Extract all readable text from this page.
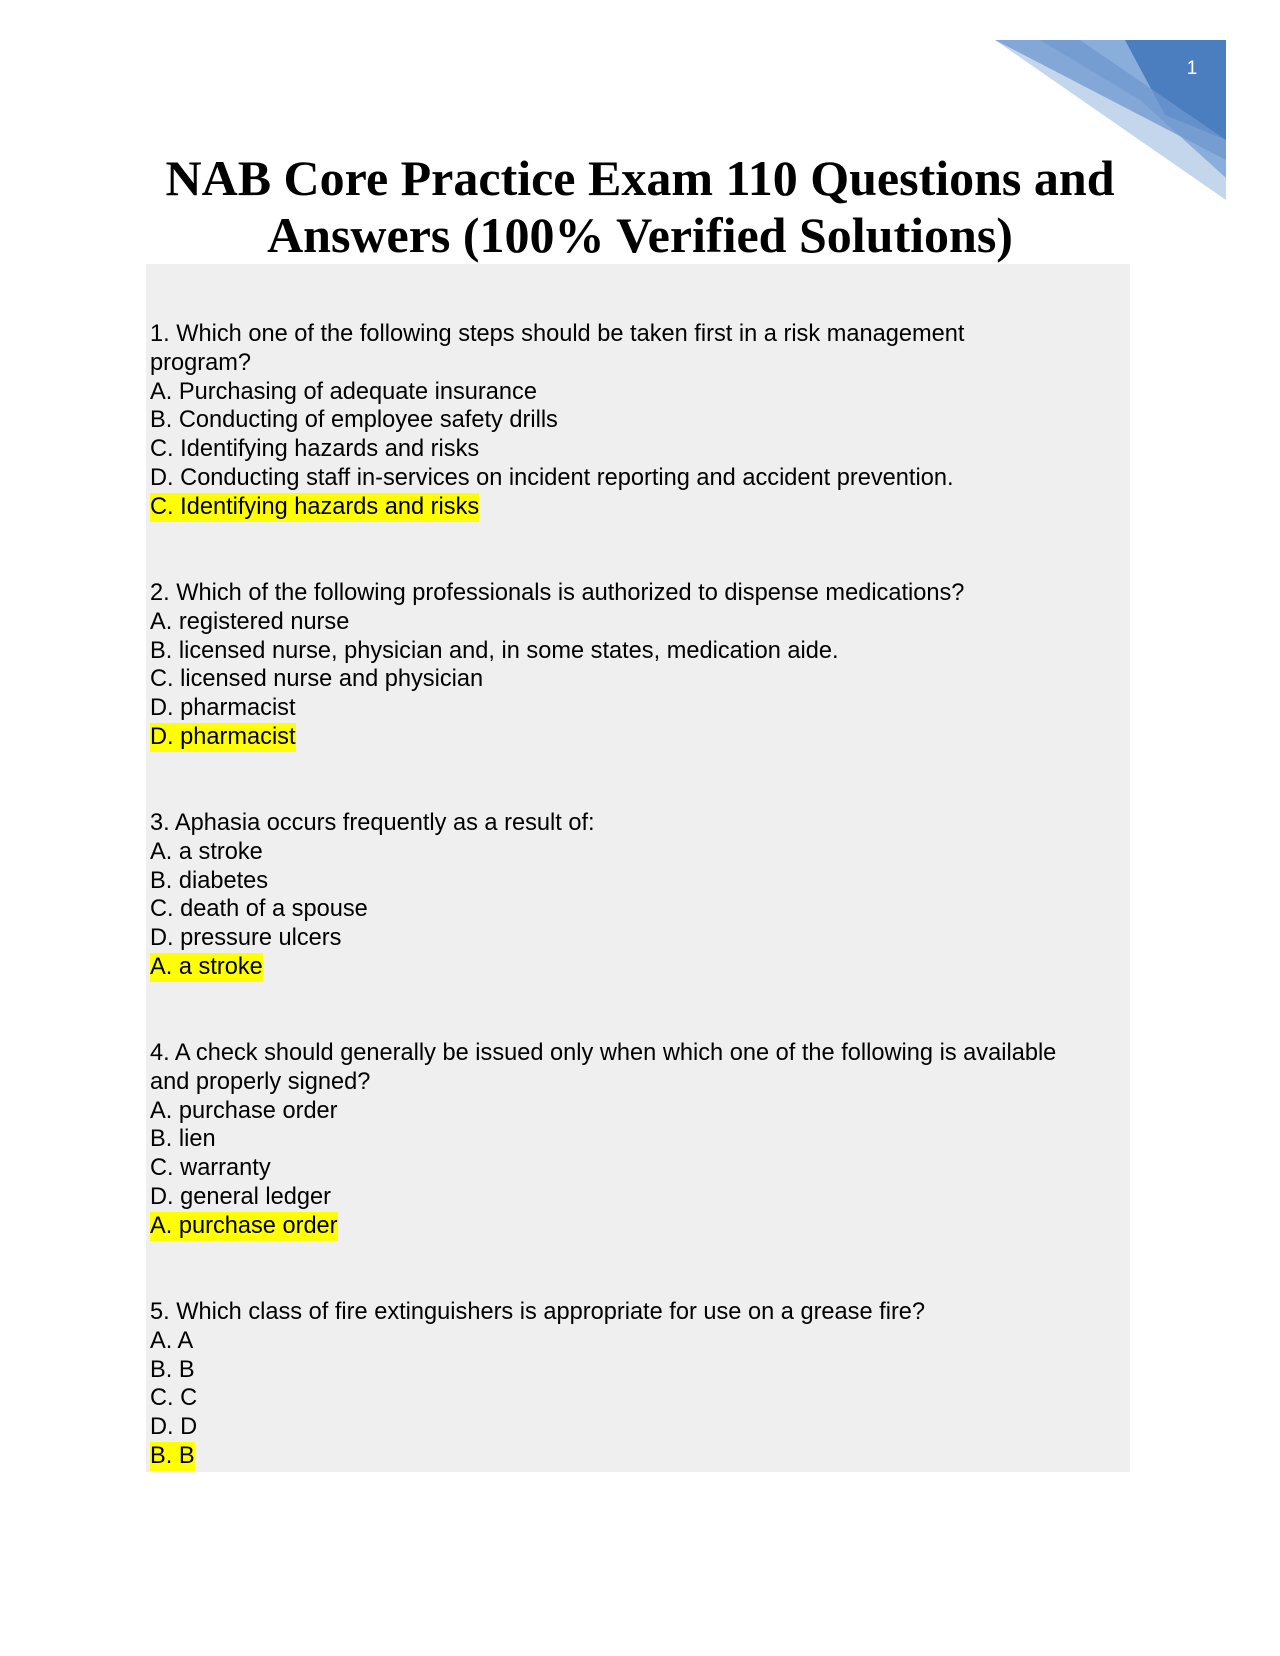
1
NAB Core Practice Exam 110 Questions and
Answers (100% Verified Solutions)
1. Which one of the following steps should be taken first in a risk management
program?
A. Purchasing of adequate insurance
B. Conducting of employee safety drills
C. Identifying hazards and risks
D. Conducting staff in-services on incident reporting and accident prevention.
C. Identifying hazards and risks
2. Which of the following professionals is authorized to dispense medications?
A. registered nurse
B. licensed nurse, physician and, in some states, medication aide.
C. licensed nurse and physician
D. pharmacist
D. pharmacist
3. Aphasia occurs frequently as a result of:
A. a stroke
B. diabetes
C. death of a spouse
D. pressure ulcers
A. a stroke
4. A check should generally be issued only when which one of the following is available
and properly signed?
A. purchase order
B. lien
C. warranty
D. general ledger
A. purchase order
5. Which class of fire extinguishers is appropriate for use on a grease fire?
A. A
B. B
C. C
D. D
B. B
